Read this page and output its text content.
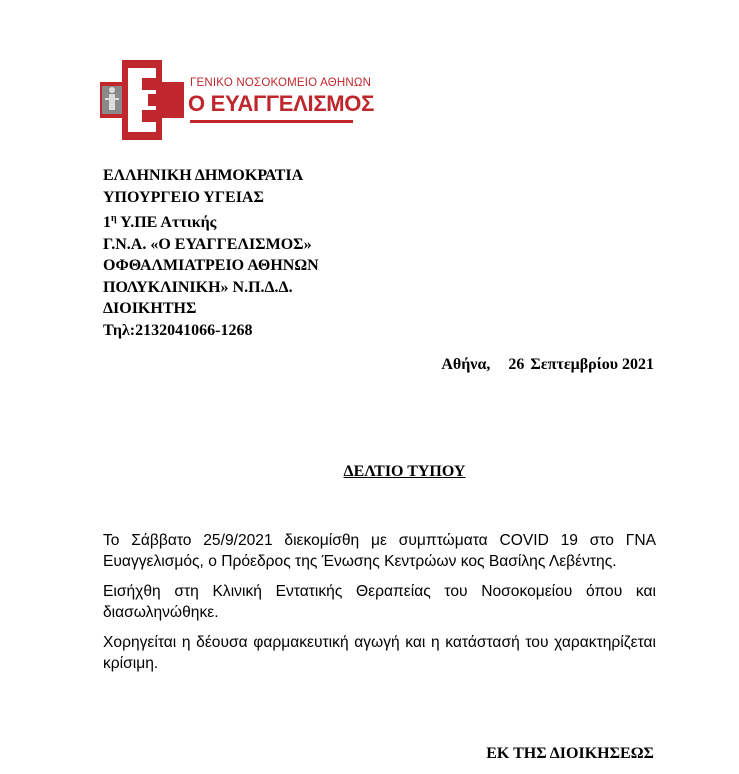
ΓΕΝΙΚΟ ΝΟΣΟΚΟΜΕΙΟ ΑΘΗΝΩΝ
Ο ΕΥΑΓΓΕΛΙΣΜΟΣ
ΕΛΛΗΝΙΚΗ ΔΗΜΟΚΡΑΤΙΑ
ΥΠΟΥΡΓΕΙΟ ΥΓΕΙΑΣ
$1^\eta$ Υ.ΠΕ Αττικής
Γ.Ν.Α. «Ο ΕΥΑΓΓΕΛΙΣΜΟΣ»
ΟΦΘΑΛΜΙΑΤΡΕΙΟ ΑΘΗΝΩΝ
ΠΟΛΥΚΛΙΝΙΚΗ» Ν.Π.Δ.Δ.
ΔΙΟΙΚΗΤΗΣ
Τηλ:2132041066-1268
Αθήνα, 26 Σεπτεμβρίου 2021
ΔΕΛΤΙΟ ΤΥΠΟΥ

Το Σάββατο 25/9/2021 διεκομίσθη με συμπτώματα COVID 19 στο ΓΝΑ Ευαγγελισμός, ο Πρόεδρος της Ένωσης Κεντρώων κος Βασίλης Λεβέντης.

Εισήχθη στη Κλινική Εντατικής Θεραπείας του Νοσοκομείου όπου και διασωληνώθηκε.

Χορηγείται η δέουσα φαρμακευτική αγωγή και η κατάστασή του χαρακτηρίζεται κρίσιμη.

ΕΚ ΤΗΣ ΔΙΟΙΚΗΣΕΩΣ
